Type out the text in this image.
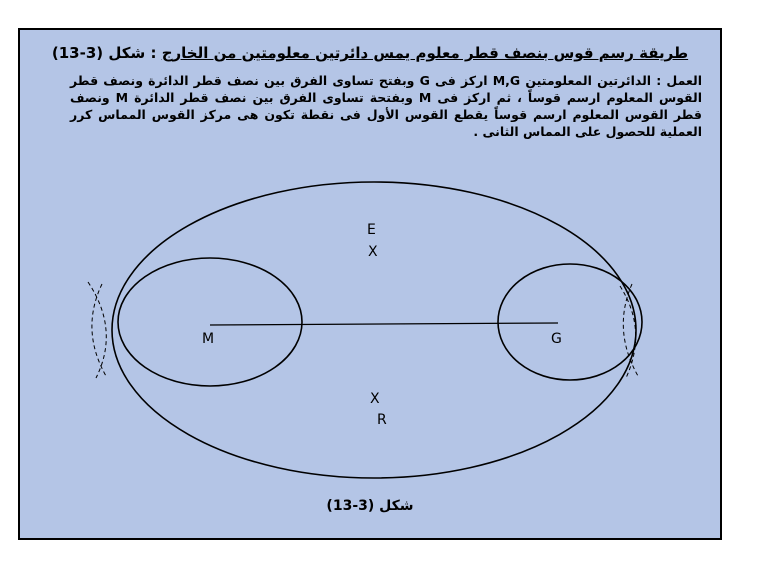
طريقة رسم قوس بنصف قطر معلوم يمس دائرتين معلومتين من الخارج : شكل (3-13)
العمل : الدائرتين المعلومتين M,G اركز فى G وبفتح تساوى الفرق بين نصف قطر الدائرة ونصف قطر القوس المعلوم ارسم قوساً ، ثم اركز فى M وبفتحة تساوى الفرق بين نصف قطر الدائرة M ونصف قطر القوس المعلوم ارسم قوساً يقطع القوس الأول فى نقطة تكون هى مركز القوس المماس كرر العملية للحصول على المماس الثانى .
E
X
M	G
X
R
شكل (3-13)
